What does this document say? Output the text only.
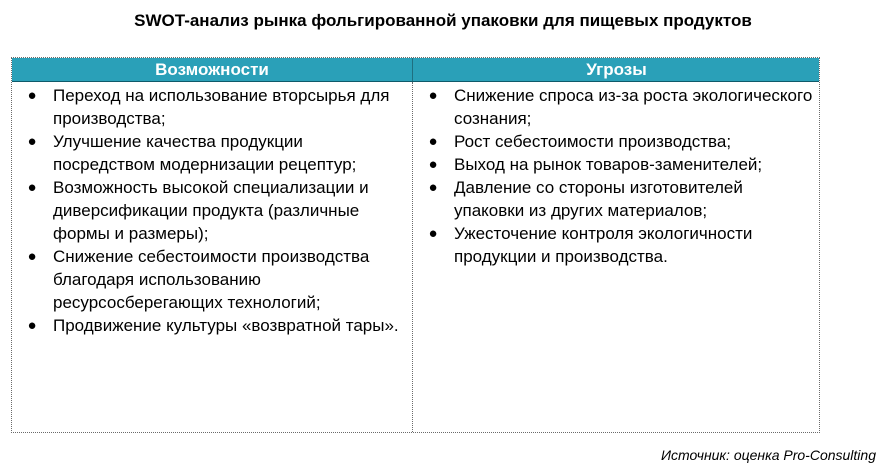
SWOT-анализ рынка фольгированной упаковки для пищевых продуктов
Возможности	Угрозы
● Переход на использование вторсырья для производства;
● Улучшение качества продукции посредством модернизации рецептур;
● Возможность высокой специализации и диверсификации продукта (различные формы и размеры);
● Снижение себестоимости производства благодаря использованию ресурсосберегающих технологий;
● Продвижение культуры «возвратной тары».
● Снижение спроса из-за роста экологического сознания;
● Рост себестоимости производства;
● Выход на рынок товаров-заменителей;
● Давление со стороны изготовителей упаковки из других материалов;
● Ужесточение контроля экологичности продукции и производства.
Источник: оценка Pro-Consulting
